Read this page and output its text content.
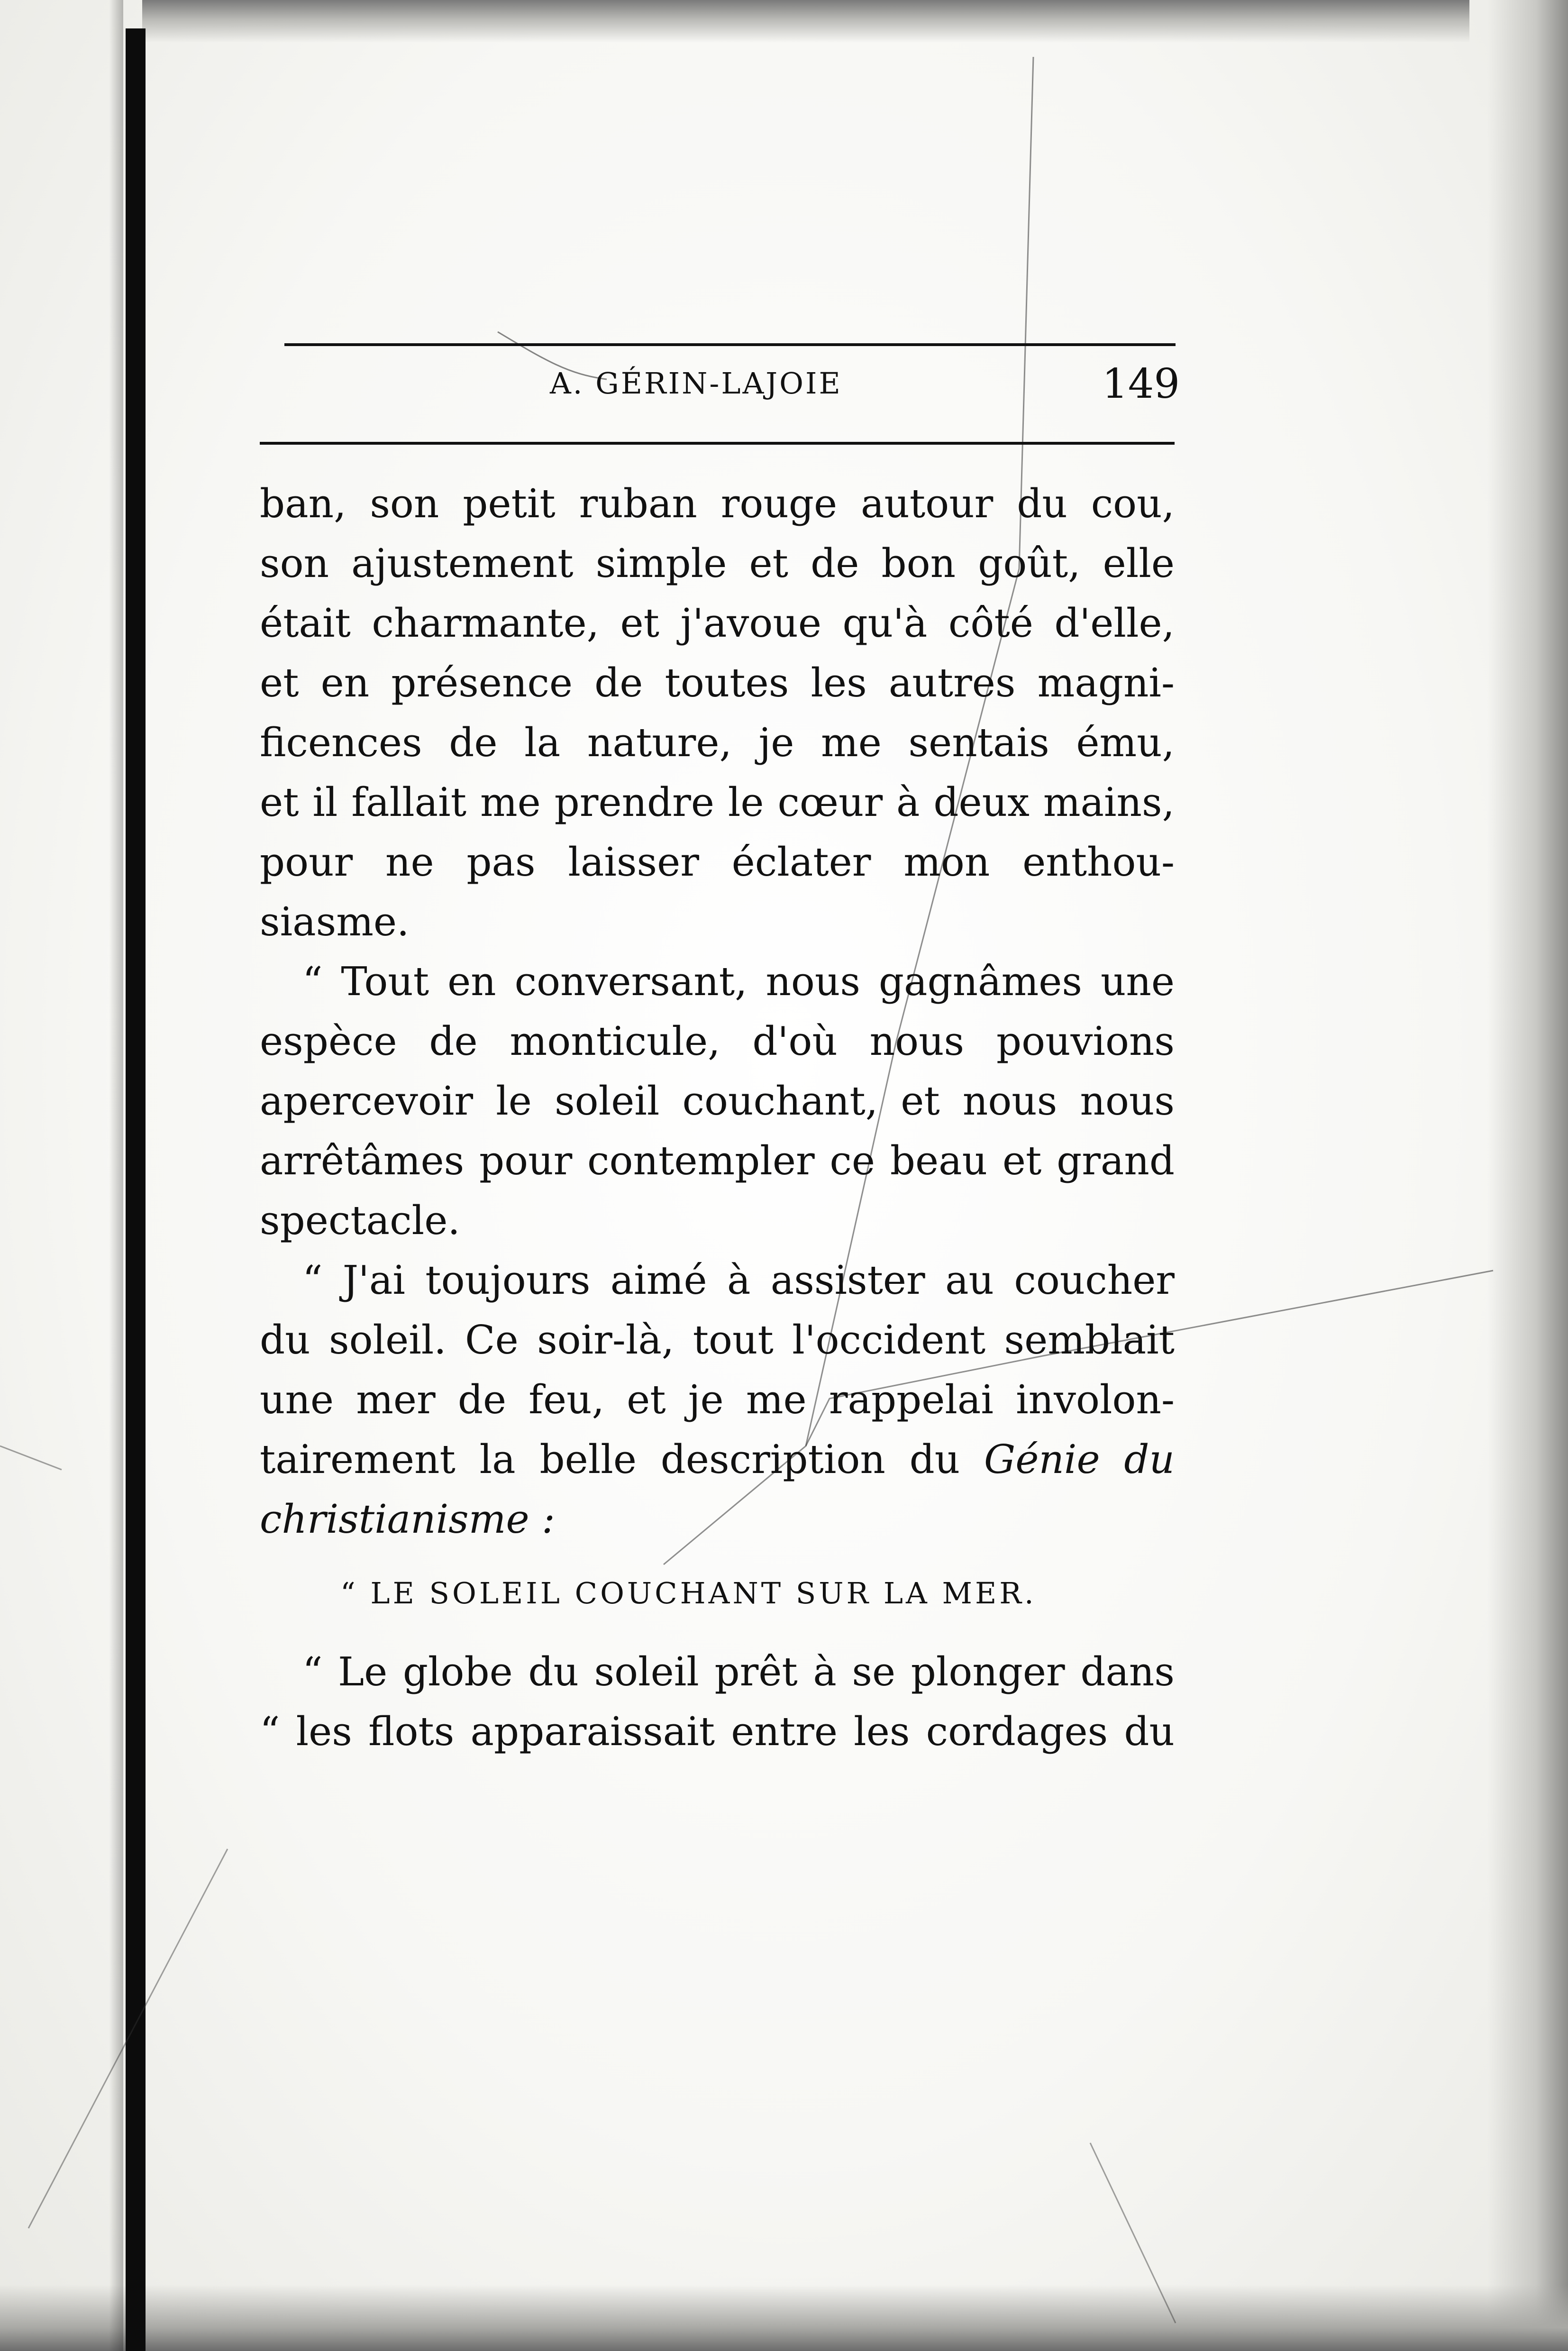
A. GÉRIN-LAJOIE	149
ban, son petit ruban rouge autour du cou,
son ajustement simple et de bon goût, elle
était charmante, et j'avoue qu'à côté d'elle,
et en présence de toutes les autres magni-
ficences de la nature, je me sentais ému,
et il fallait me prendre le cœur à deux mains,
pour ne pas laisser éclater mon enthou-
siasme.
“ Tout en conversant, nous gagnâmes une
espèce de monticule, d'où nous pouvions
apercevoir le soleil couchant, et nous nous
arrêtâmes pour contempler ce beau et grand
spectacle.
“ J'ai toujours aimé à assister au coucher
du soleil. Ce soir-là, tout l'occident semblait
une mer de feu, et je me rappelai involon-
tairement la belle description du Génie du
christianisme :
“ LE SOLEIL COUCHANT SUR LA MER.
“ Le globe du soleil prêt à se plonger dans
“ les flots apparaissait entre les cordages du
